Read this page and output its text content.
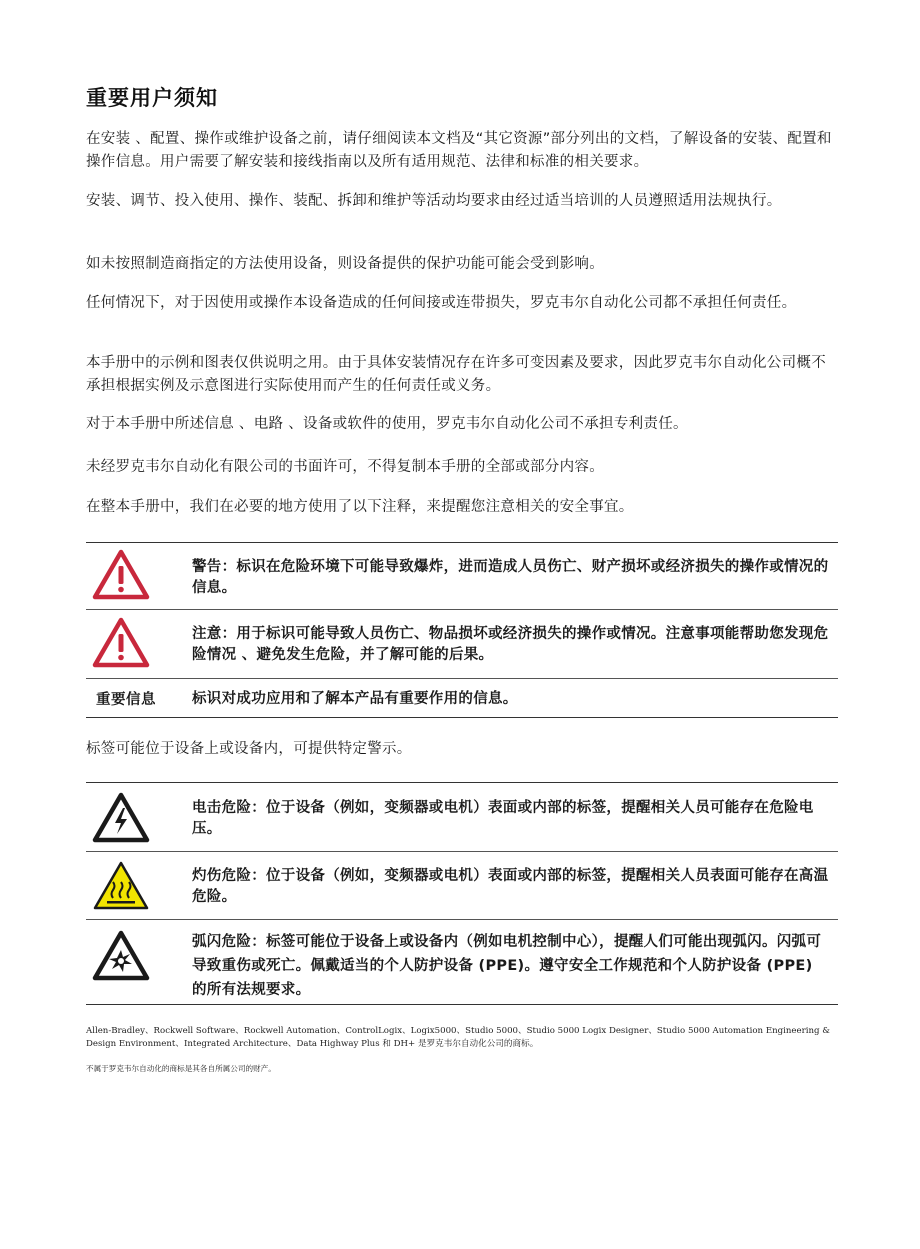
重要用户须知

在安装 、配置、操作或维护设备之前，请仔细阅读本文档及“其它资源”部分列出的文档，了解设备的安装、配置和操作信息。用户需要了解安装和接线指南以及所有适用规范、法律和标准的相关要求。

安装、调节、投入使用、操作、装配、拆卸和维护等活动均要求由经过适当培训的人员遵照适用法规执行。

如未按照制造商指定的方法使用设备，则设备提供的保护功能可能会受到影响。

任何情况下，对于因使用或操作本设备造成的任何间接或连带损失，罗克韦尔自动化公司都不承担任何责任。

本手册中的示例和图表仅供说明之用。由于具体安装情况存在许多可变因素及要求，因此罗克韦尔自动化公司概不承担根据实例及示意图进行实际使用而产生的任何责任或义务。

对于本手册中所述信息 、电路 、设备或软件的使用，罗克韦尔自动化公司不承担专利责任。

未经罗克韦尔自动化有限公司的书面许可，不得复制本手册的全部或部分内容。

在整本手册中，我们在必要的地方使用了以下注释，来提醒您注意相关的安全事宜。

警告：标识在危险环境下可能导致爆炸，进而造成人员伤亡、财产损坏或经济损失的操作或情况的信息。

注意：用于标识可能导致人员伤亡、物品损坏或经济损失的操作或情况。注意事项能帮助您发现危险情况 、避免发生危险，并了解可能的后果。

重要信息 标识对成功应用和了解本产品有重要作用的信息。

标签可能位于设备上或设备内，可提供特定警示。

电击危险：位于设备（例如，变频器或电机）表面或内部的标签，提醒相关人员可能存在危险电压。

灼伤危险：位于设备（例如，变频器或电机）表面或内部的标签，提醒相关人员表面可能存在高温危险。

弧闪危险：标签可能位于设备上或设备内（例如电机控制中心），提醒人们可能出现弧闪。闪弧可导致重伤或死亡。佩戴适当的个人防护设备 (PPE)。遵守安全工作规范和个人防护设备 (PPE) 的所有法规要求。

Allen-Bradley、Rockwell Software、Rockwell Automation、ControlLogix、Logix5000、Studio 5000、Studio 5000 Logix Designer、Studio 5000 Automation Engineering & Design Environment、Integrated Architecture、Data Highway Plus 和 DH+ 是罗克韦尔自动化公司的商标。

不属于罗克韦尔自动化的商标是其各自所属公司的财产。
